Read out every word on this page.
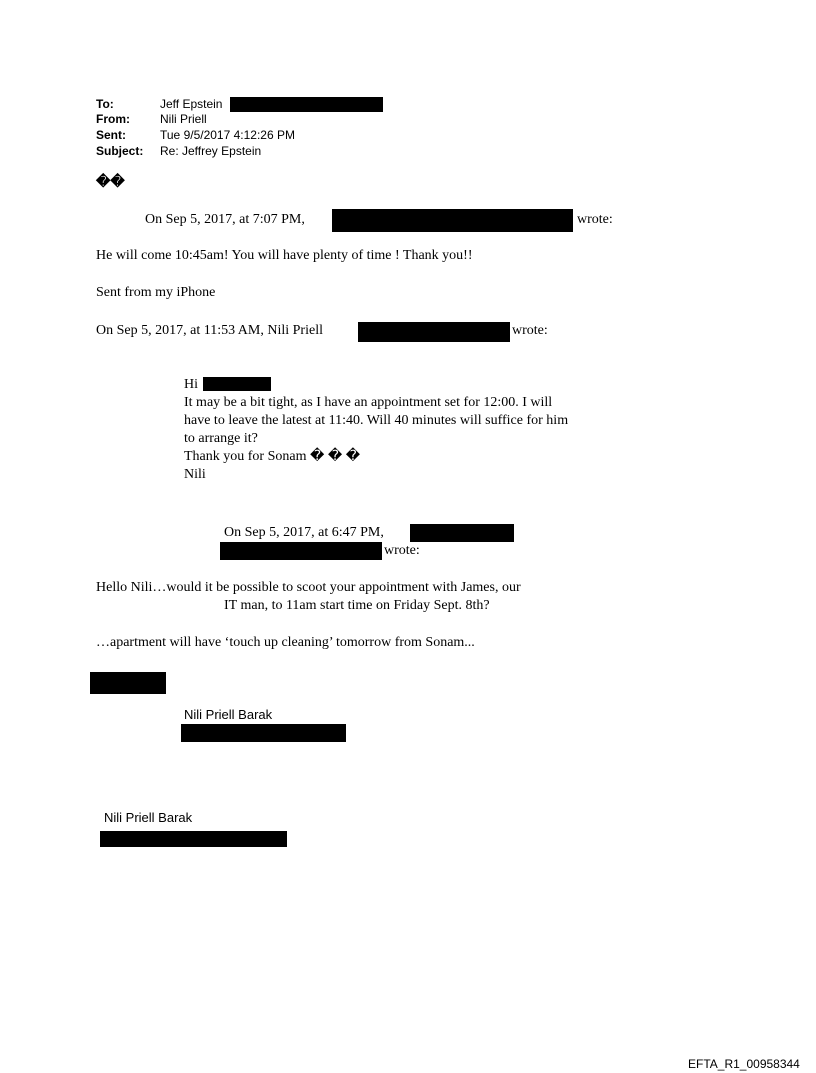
To:	Jeff Epstein
From:	Nili Priell
Sent:	Tue 9/5/2017 4:12:26 PM
Subject: Re: Jeffrey Epstein
��
On Sep 5, 2017, at 7:07 PM,	wrote:
He will come 10:45am! You will have plenty of time ! Thank you!!
Sent from my iPhone
On Sep 5, 2017, at 11:53 AM, Nili Priell	wrote:
Hi
It may be a bit tight, as I have an appointment set for 12:00. I will
have to leave the latest at 11:40. Will 40 minutes will suffice for him
to arrange it?
Thank you for Sonam � � �
Nili
On Sep 5, 2017, at 6:47 PM,
wrote:
Hello Nili…would it be possible to scoot your appointment with James, our
IT man, to 11am start time on Friday Sept. 8th?
…apartment will have ‘touch up cleaning’ tomorrow from Sonam...
Nili Priell Barak
Nili Priell Barak
EFTA_R1_00958344
